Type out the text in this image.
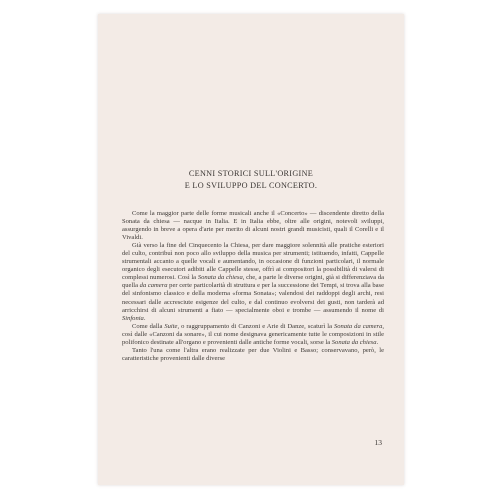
CENNI STORICI SULL'ORIGINE
E LO SVILUPPO DEL CONCERTO.

Come la maggior parte delle forme musicali anche il «Concerto» — discendente diretto della Sonata da chiesa — nacque in Italia. E in Italia ebbe, oltre alle origini, notevoli sviluppi, assurgendo in breve a opera d'arte per merito di alcuni nostri grandi musicisti, quali il Corelli e il Vivaldi.

Già verso la fine del Cinquecento la Chiesa, per dare maggiore solennità alle pratiche esteriori del culto, contribuì non poco allo sviluppo della musica per strumenti; istituendo, infatti, Cappelle strumentali accanto a quelle vocali e aumentando, in occasione di funzioni particolari, il normale organico degli esecutori adibiti alle Cappelle stesse, offrì ai compositori la possibilità di valersi di complessi numerosi. Così la Sonata da chiesa, che, a parte le diverse origini, già si differenziava da quella da camera per certe particolarità di struttura e per la successione dei Tempi, si trova alla base del sinfonismo classico e della moderna «forma Sonata»; valendosi dei raddoppi degli archi, resi necessari dalle accresciute esigenze del culto, e dal continuo evolversi dei gusti, non tarderà ad arricchirsi di alcuni strumenti a fiato — specialmente oboi e trombe — assumendo il nome di Sinfonia.

Come dalla Suite, o raggruppamento di Canzoni e Arie di Danze, scaturì la Sonata da camera, così dalle «Canzoni da sonare», il cui nome designava genericamente tutte le composizioni in stile polifonico destinate all'organo e provenienti dalle antiche forme vocali, sorse la Sonata da chiesa.

Tanto l'una come l'altra erano realizzate per due Violini e Basso; conservavano, però, le caratteristiche provenienti dalle diverse

13
